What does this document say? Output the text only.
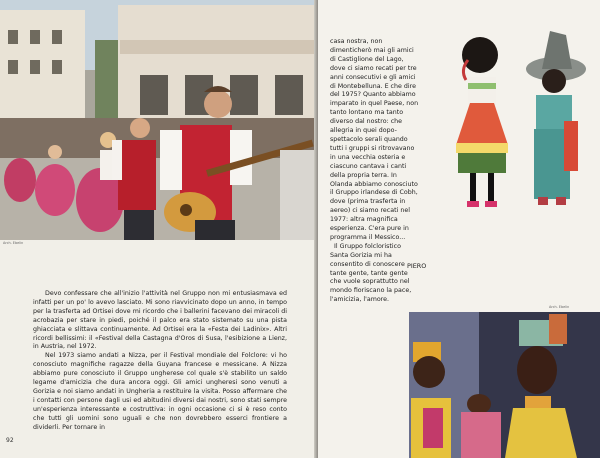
Arch. Ebelin

Devo confessare che all'inizio l'attività nel Gruppo non mi entusiasmava ed infatti per un po' lo avevo lasciato. Mi sono riavvicinato dopo un anno, in tempo per la trasferta ad Ortisei dove mi ricordo che i ballerini facevano dei miracoli di acrobazia per stare in piedi, poiché il palco era stato sistemato su una pista ghiacciata e slittava continuamente. Ad Ortisei era la «Festa dei Ladinix». Altri ricordi bellissimi: il «Festival della Castagna d'Oros di Susa, l'esibizione a Lienz, in Austria, nel 1972.

Nel 1973 siamo andati a Nizza, per il Festival mondiale del Folclore: vi ho conosciuto magnifiche ragazze della Guyana francese e messicane. A Nizza abbiamo pure conosciuto il Gruppo ungherese col quale s'è stabilito un saldo legame d'amicizia che dura ancora oggi. Gli amici ungheresi sono venuti a Gorizia e noi siamo andati in Ungheria a restituire la visita. Posso affermare che i contatti con persone dagli usi ed abitudini diversi dai nostri, sono stati sempre un'esperienza interessante e costruttiva: in ogni occasione ci si è reso conto che tutti gli uomini sono uguali e che non dovrebbero esserci frontiere a dividerli. Per tornare in

92

casa nostra, non dimenticherò mai gli amici di Castiglione del Lago, dove ci siamo recati per tre anni consecutivi e gli amici di Montebelluna. E che dire del 1975? Quanto abbiamo imparato in quel Paese, non tanto lontano ma tanto diverso dal nostro: che allegria in quei dopo-spettacolo serali quando tutti i gruppi si ritrovavano in una vecchia osteria e ciascuno cantava i canti della propria terra. In Olanda abbiamo conosciuto il Gruppo irlandese di Cobh, dove (prima trasferta in aereo) ci siamo recati nel 1977: altra magnifica esperienza. C'era pure in programma il Messico...

Il Gruppo folcloristico Santa Gorizia mi ha consentito di conoscere tante gente, tante gente che vuole soprattutto nel mondo fioriscano la pace, l'amicizia, l'amore.

PIERO
Arch. Ebelin
